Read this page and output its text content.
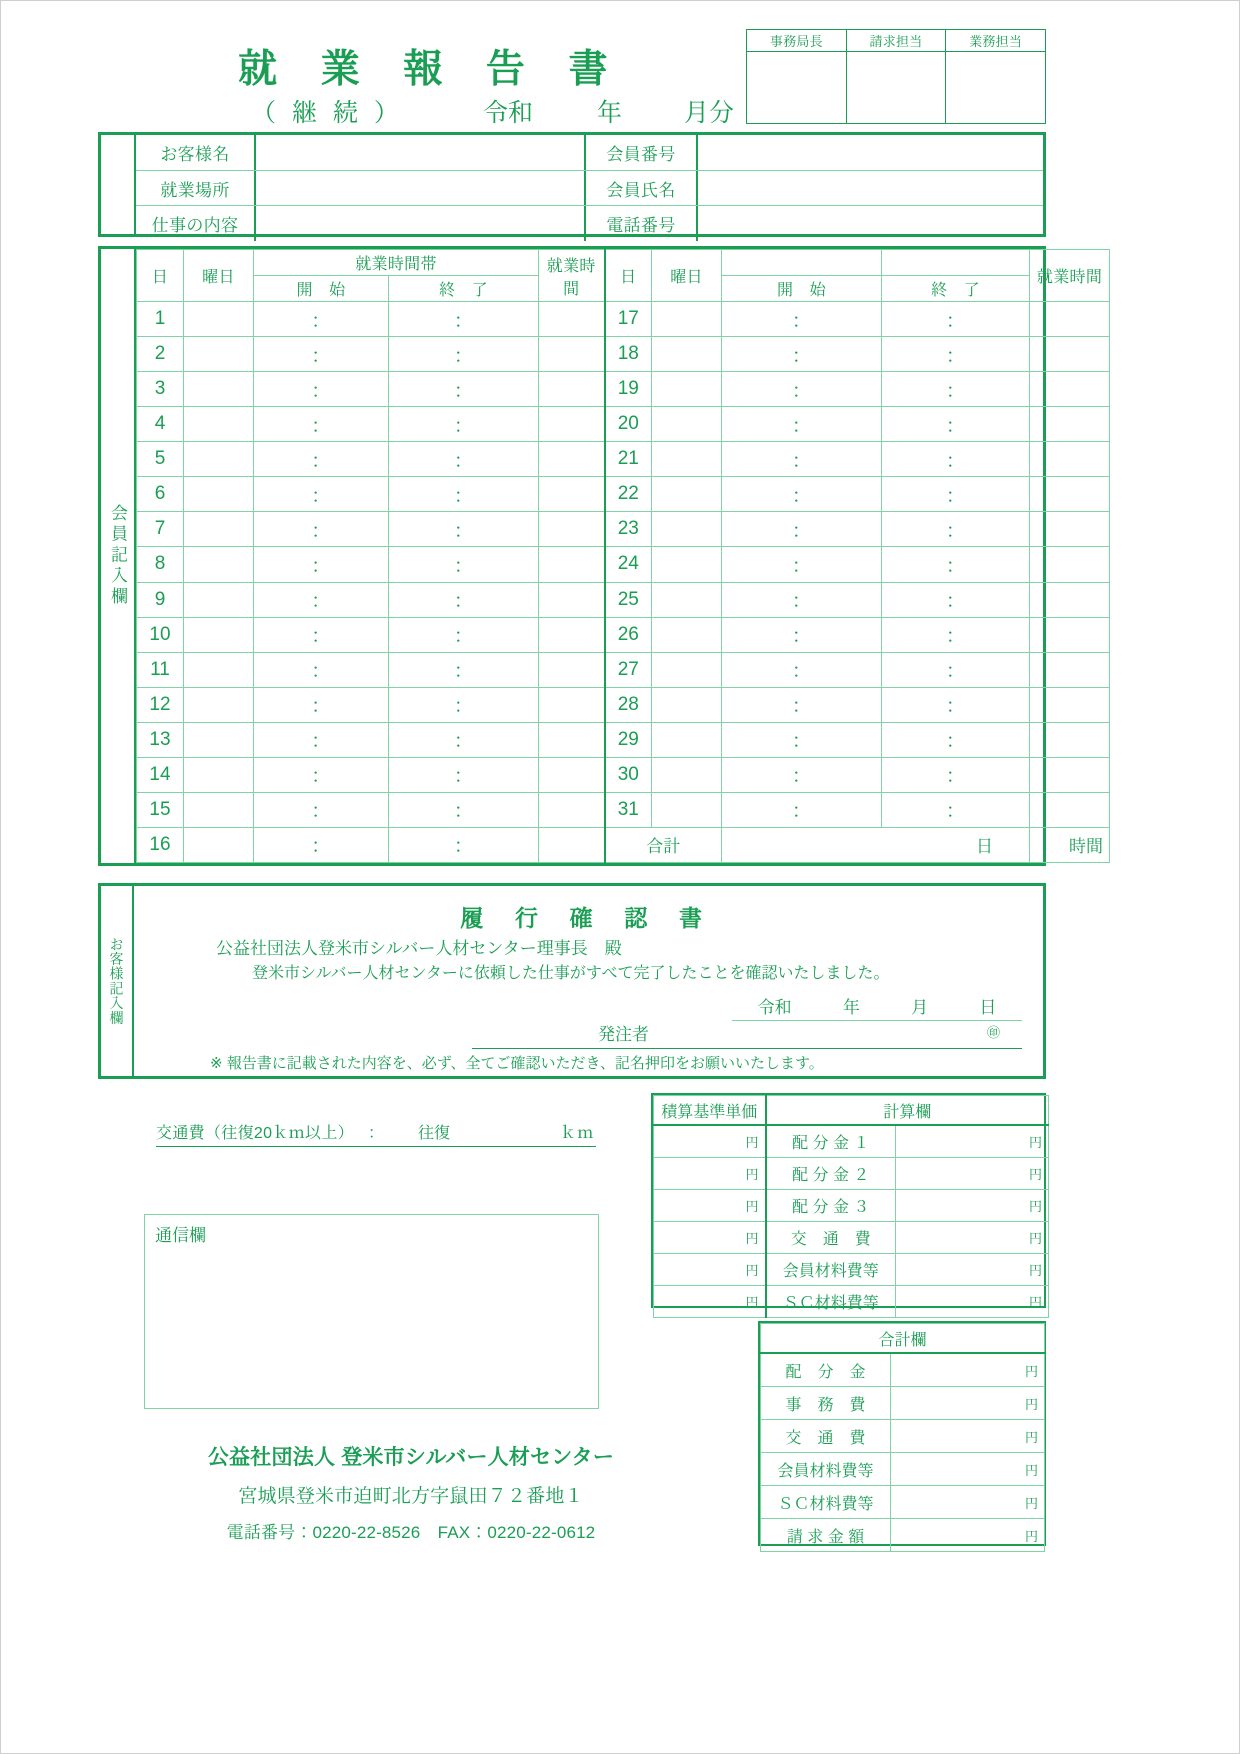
就 業 報 告 書
（ 継 続 ）	令和	年 月分
事務局長	請求担当	業務担当
お客様名	会員番号
就業場所	会員氏名
仕事の内容	電話番号
会員記入欄
日	曜日	就業時間帯		就業時間	日	曜日			就業時間
		開　始	終　了				開　始	終　了	
1		：	：		17		：	：	
2		：	：		18		：	：	
3		：	：		19		：	：	
4		：	：		20		：	：	
5		：	：		21		：	：	
6		：	：		22		：	：	
7		：	：		23		：	：	
8		：	：		24		：	：	
9		：	：		25		：	：	
10		：	：		26		：	：	
11		：	：		27		：	：	
12		：	：		28		：	：	
13		：	：		29		：	：	
14		：	：		30		：	：	
15		：	：		31		：	：	
16		：	：		合計		日		時間
お客様記入欄
履 行 確 認 書
公益社団法人登米市シルバー人材センター理事長　殿
登米市シルバー人材センターに依頼した仕事がすべて完了したことを確認いたしました。
令和	年	月	日
発注者	㊞
※ 報告書に記載された内容を、必ず、全てご確認いただき、記名押印をお願いいたします。
交通費（往復20ｋｍ以上） ： 往復	ｋｍ
通信欄
積算基準単価	計算欄	
円	配 分 金 １	円
円	配 分 金 ２	円
円	配 分 金 ３	円
円	交　通　費	円
円	会員材料費等	円
円	ＳＣ材料費等	円
合計欄	
配　分　金	円
事　務　費	円
交　通　費	円
会員材料費等	円
ＳＣ材料費等	円
請 求 金 額	円
公益社団法人 登米市シルバー人材センター
宮城県登米市迫町北方字鼠田７２番地１
電話番号：0220-22-8526　FAX：0220-22-0612
